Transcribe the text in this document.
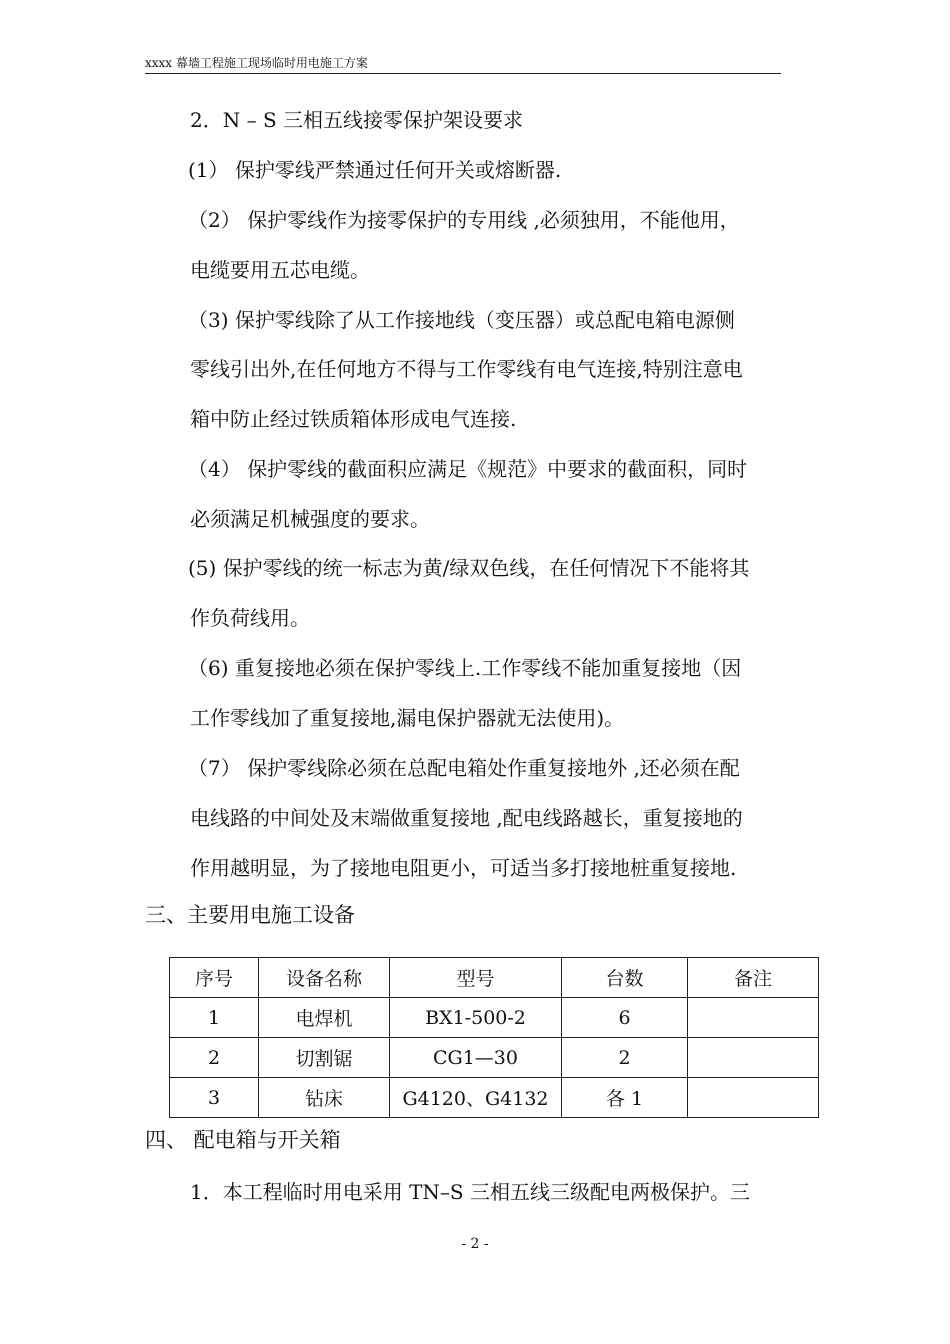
xxxx 幕墙工程施工现场临时用电施工方案
2．N – S 三相五线接零保护架设要求
(1） 保护零线严禁通过任何开关或熔断器.
（2） 保护零线作为接零保护的专用线 ,必须独用，不能他用，
电缆要用五芯电缆。
（3) 保护零线除了从工作接地线（变压器）或总配电箱电源侧
零线引出外,在任何地方不得与工作零线有电气连接,特别注意电
箱中防止经过铁质箱体形成电气连接.
（4） 保护零线的截面积应满足《规范》中要求的截面积，同时
必须满足机械强度的要求。
(5) 保护零线的统一标志为黄/绿双色线，在任何情况下不能将其
作负荷线用。
（6) 重复接地必须在保护零线上.工作零线不能加重复接地（因
工作零线加了重复接地,漏电保护器就无法使用)。
（7） 保护零线除必须在总配电箱处作重复接地外 ,还必须在配
电线路的中间处及末端做重复接地 ,配电线路越长，重复接地的
作用越明显，为了接地电阻更小，可适当多打接地桩重复接地.
三、主要用电施工设备
序号	设备名称	型号	台数	备注
1	电焊机	BX1-500-2	6	
2	切割锯	CG1—30	2	
3	钻床	G4120、G4132	各 1	
四、 配电箱与开关箱
1．本工程临时用电采用 TN–S 三相五线三级配电两极保护。三
- 2 -
